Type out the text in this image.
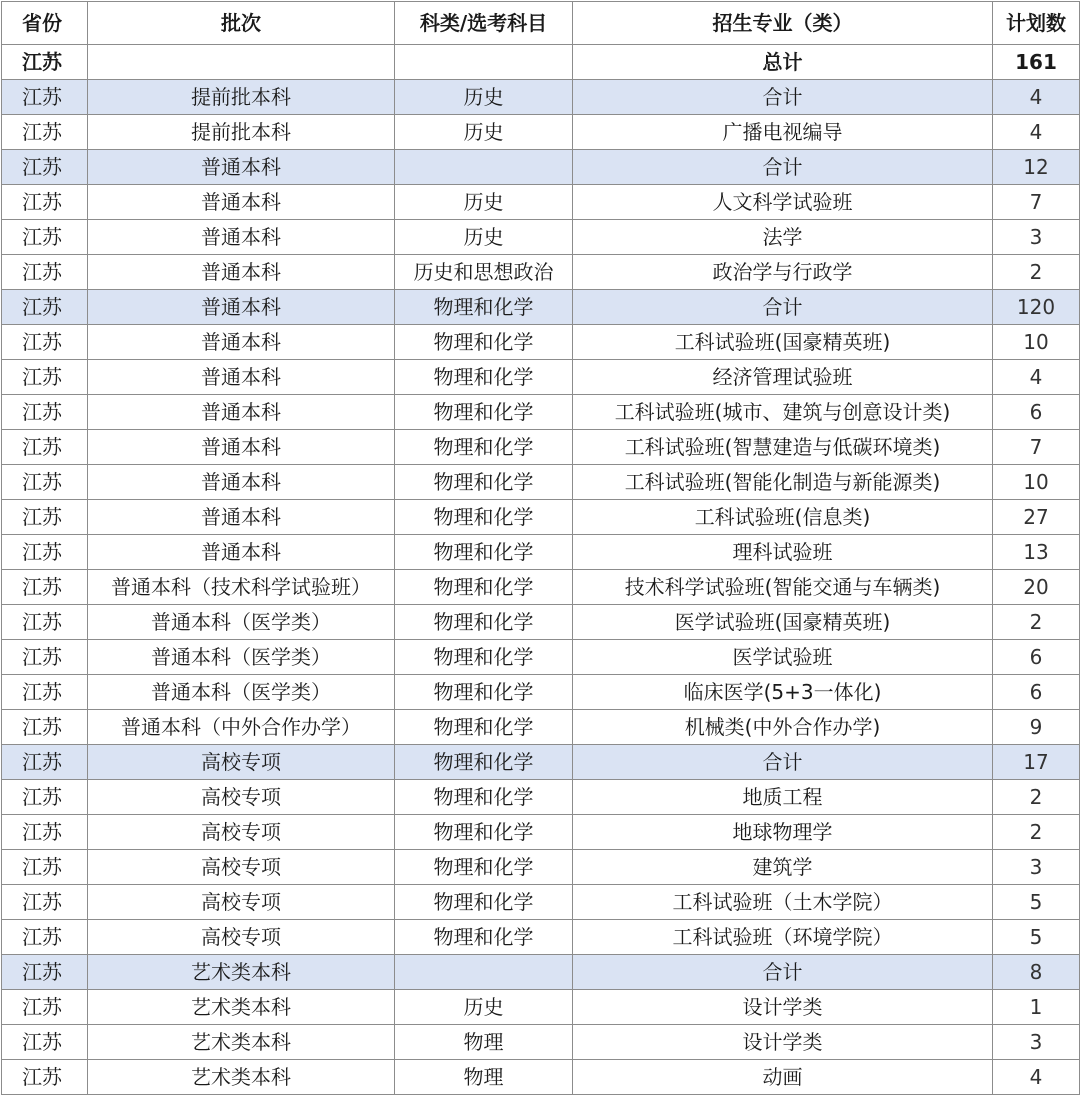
省份	批次	科类/选考科目	招生专业（类）	计划数
江苏			总计	161
江苏	提前批本科	历史	合计	4
江苏	提前批本科	历史	广播电视编导	4
江苏	普通本科		合计	12
江苏	普通本科	历史	人文科学试验班	7
江苏	普通本科	历史	法学	3
江苏	普通本科	历史和思想政治	政治学与行政学	2
江苏	普通本科	物理和化学	合计	120
江苏	普通本科	物理和化学	工科试验班(国豪精英班)	10
江苏	普通本科	物理和化学	经济管理试验班	4
江苏	普通本科	物理和化学	工科试验班(城市、建筑与创意设计类)	6
江苏	普通本科	物理和化学	工科试验班(智慧建造与低碳环境类)	7
江苏	普通本科	物理和化学	工科试验班(智能化制造与新能源类)	10
江苏	普通本科	物理和化学	工科试验班(信息类)	27
江苏	普通本科	物理和化学	理科试验班	13
江苏	普通本科（技术科学试验班）	物理和化学	技术科学试验班(智能交通与车辆类)	20
江苏	普通本科（医学类）	物理和化学	医学试验班(国豪精英班)	2
江苏	普通本科（医学类）	物理和化学	医学试验班	6
江苏	普通本科（医学类）	物理和化学	临床医学(5+3一体化)	6
江苏	普通本科（中外合作办学）	物理和化学	机械类(中外合作办学)	9
江苏	高校专项	物理和化学	合计	17
江苏	高校专项	物理和化学	地质工程	2
江苏	高校专项	物理和化学	地球物理学	2
江苏	高校专项	物理和化学	建筑学	3
江苏	高校专项	物理和化学	工科试验班（土木学院）	5
江苏	高校专项	物理和化学	工科试验班（环境学院）	5
江苏	艺术类本科		合计	8
江苏	艺术类本科	历史	设计学类	1
江苏	艺术类本科	物理	设计学类	3
江苏	艺术类本科	物理	动画	4
